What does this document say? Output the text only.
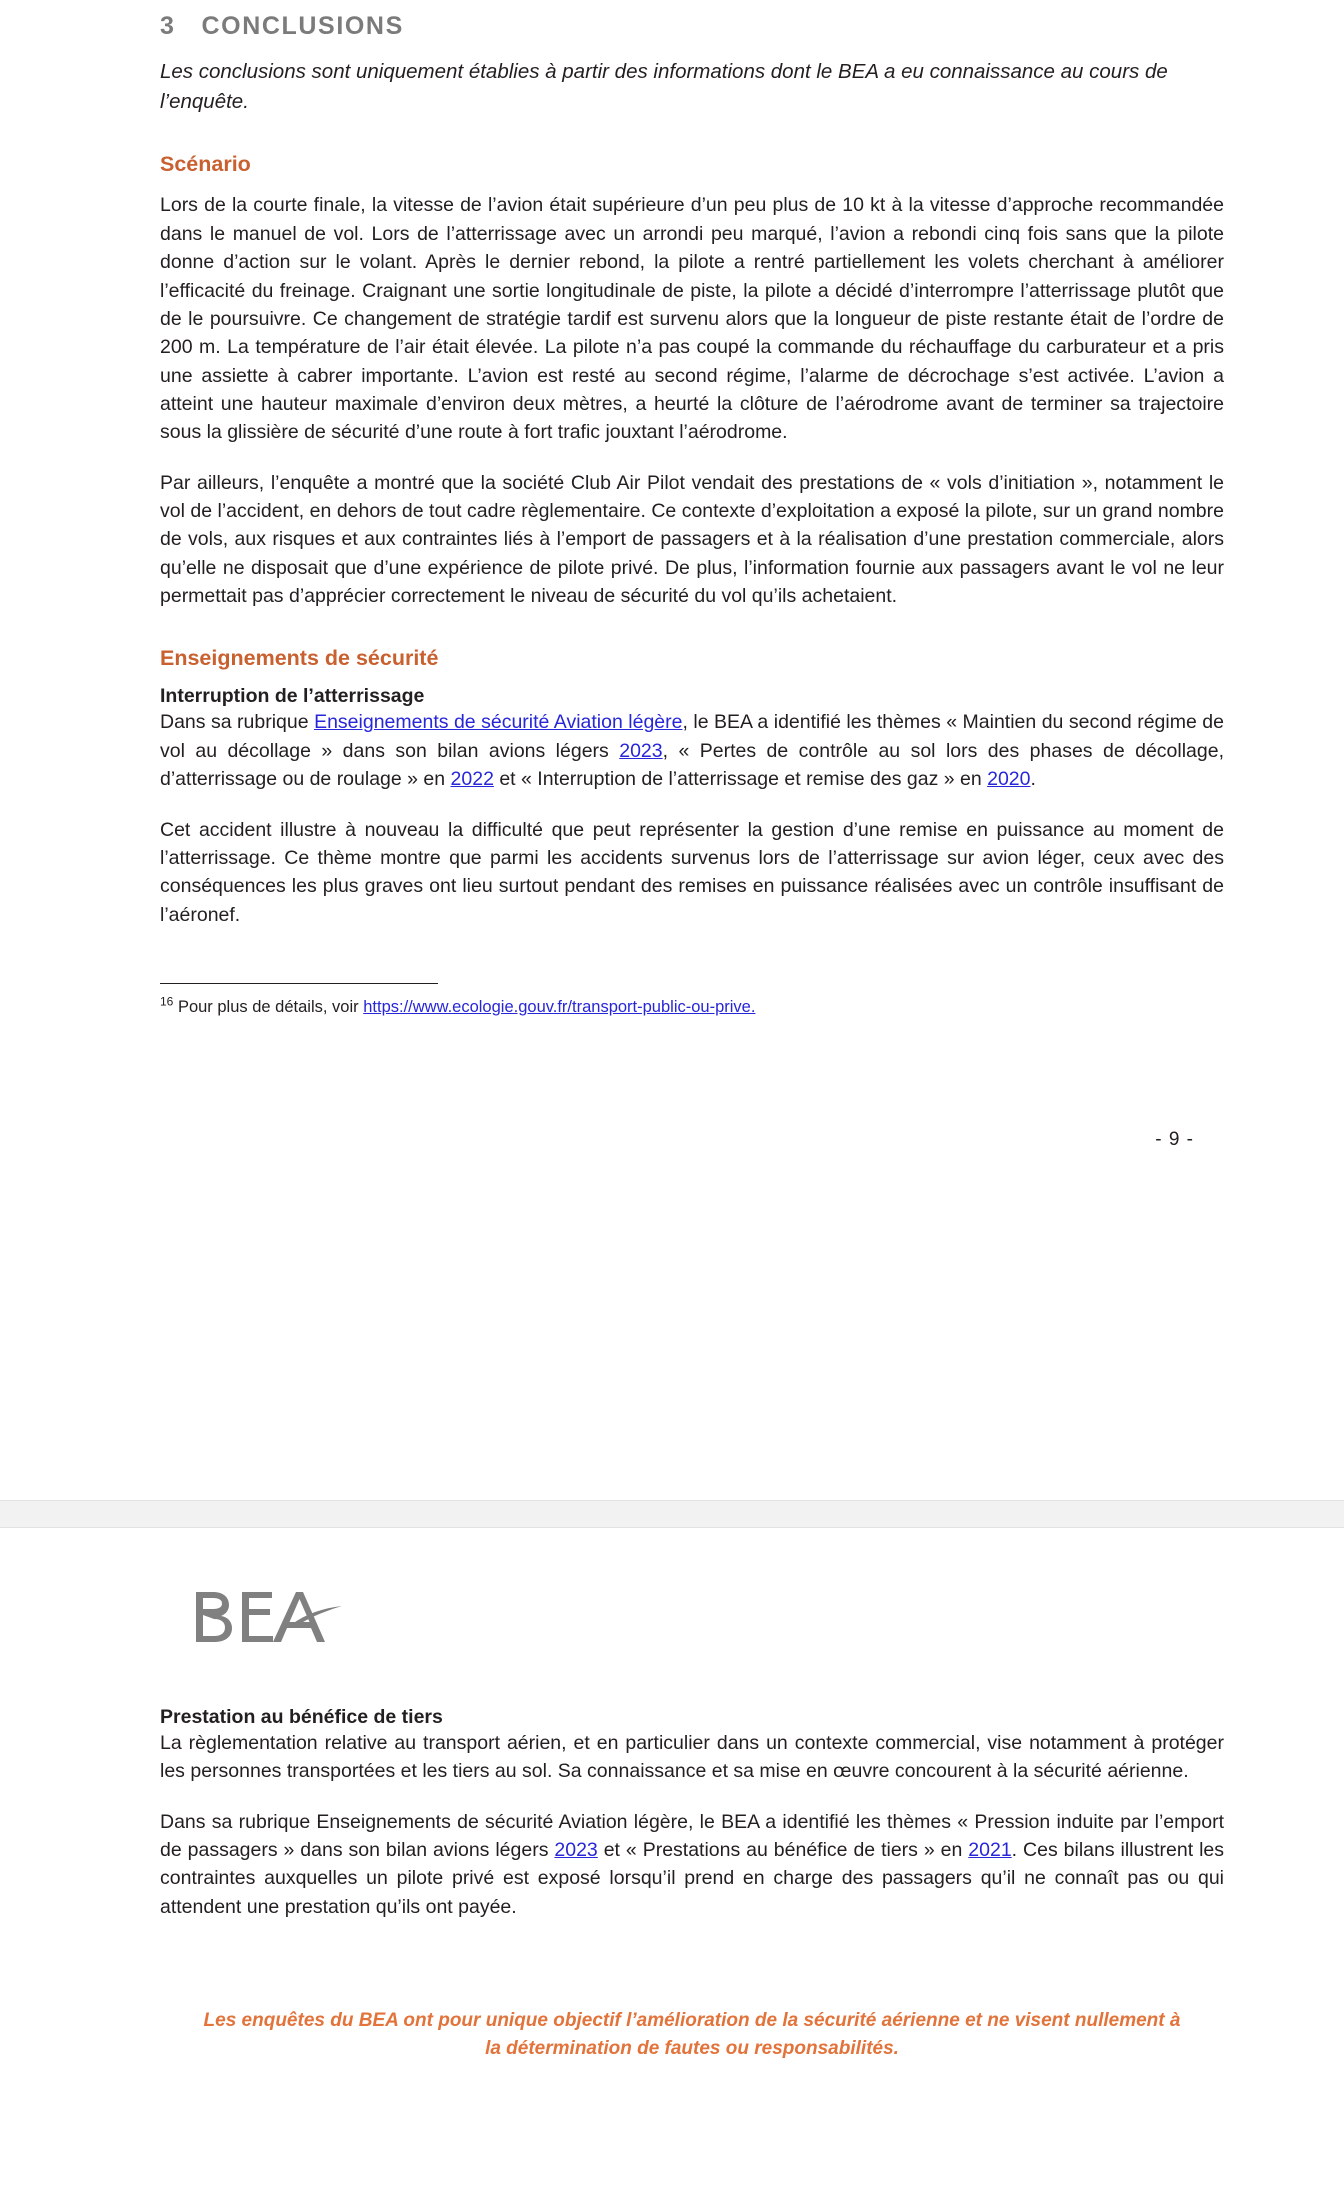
3 CONCLUSIONS

Les conclusions sont uniquement établies à partir des informations dont le BEA a eu connaissance au cours de l’enquête.

Scénario

Lors de la courte finale, la vitesse de l’avion était supérieure d’un peu plus de 10 kt à la vitesse d’approche recommandée dans le manuel de vol. Lors de l’atterrissage avec un arrondi peu marqué, l’avion a rebondi cinq fois sans que la pilote donne d’action sur le volant. Après le dernier rebond, la pilote a rentré partiellement les volets cherchant à améliorer l’efficacité du freinage. Craignant une sortie longitudinale de piste, la pilote a décidé d’interrompre l’atterrissage plutôt que de le poursuivre. Ce changement de stratégie tardif est survenu alors que la longueur de piste restante était de l’ordre de 200 m. La température de l’air était élevée. La pilote n’a pas coupé la commande du réchauffage du carburateur et a pris une assiette à cabrer importante. L’avion est resté au second régime, l’alarme de décrochage s’est activée. L’avion a atteint une hauteur maximale d’environ deux mètres, a heurté la clôture de l’aérodrome avant de terminer sa trajectoire sous la glissière de sécurité d’une route à fort trafic jouxtant l’aérodrome.

Par ailleurs, l’enquête a montré que la société Club Air Pilot vendait des prestations de « vols d’initiation », notamment le vol de l’accident, en dehors de tout cadre règlementaire. Ce contexte d’exploitation a exposé la pilote, sur un grand nombre de vols, aux risques et aux contraintes liés à l’emport de passagers et à la réalisation d’une prestation commerciale, alors qu’elle ne disposait que d’une expérience de pilote privé. De plus, l’information fournie aux passagers avant le vol ne leur permettait pas d’apprécier correctement le niveau de sécurité du vol qu’ils achetaient.

Enseignements de sécurité
Interruption de l’atterrissage

Dans sa rubrique Enseignements de sécurité Aviation légère, le BEA a identifié les thèmes « Maintien du second régime de vol au décollage » dans son bilan avions légers 2023, « Pertes de contrôle au sol lors des phases de décollage, d’atterrissage ou de roulage » en 2022 et « Interruption de l’atterrissage et remise des gaz » en 2020.

Cet accident illustre à nouveau la difficulté que peut représenter la gestion d’une remise en puissance au moment de l’atterrissage. Ce thème montre que parmi les accidents survenus lors de l’atterrissage sur avion léger, ceux avec des conséquences les plus graves ont lieu surtout pendant des remises en puissance réalisées avec un contrôle insuffisant de l’aéronef.

$^{16}$ Pour plus de détails, voir https://www.ecologie.gouv.fr/transport-public-ou-prive.

- 9 -
Prestation au bénéfice de tiers

La règlementation relative au transport aérien, et en particulier dans un contexte commercial, vise notamment à protéger les personnes transportées et les tiers au sol. Sa connaissance et sa mise en œuvre concourent à la sécurité aérienne.

Dans sa rubrique Enseignements de sécurité Aviation légère, le BEA a identifié les thèmes « Pression induite par l’emport de passagers » dans son bilan avions légers 2023 et « Prestations au bénéfice de tiers » en 2021. Ces bilans illustrent les contraintes auxquelles un pilote privé est exposé lorsqu’il prend en charge des passagers qu’il ne connaît pas ou qui attendent une prestation qu’ils ont payée.

Les enquêtes du BEA ont pour unique objectif l’amélioration de la sécurité aérienne et ne visent nullement à la détermination de fautes ou responsabilités.
